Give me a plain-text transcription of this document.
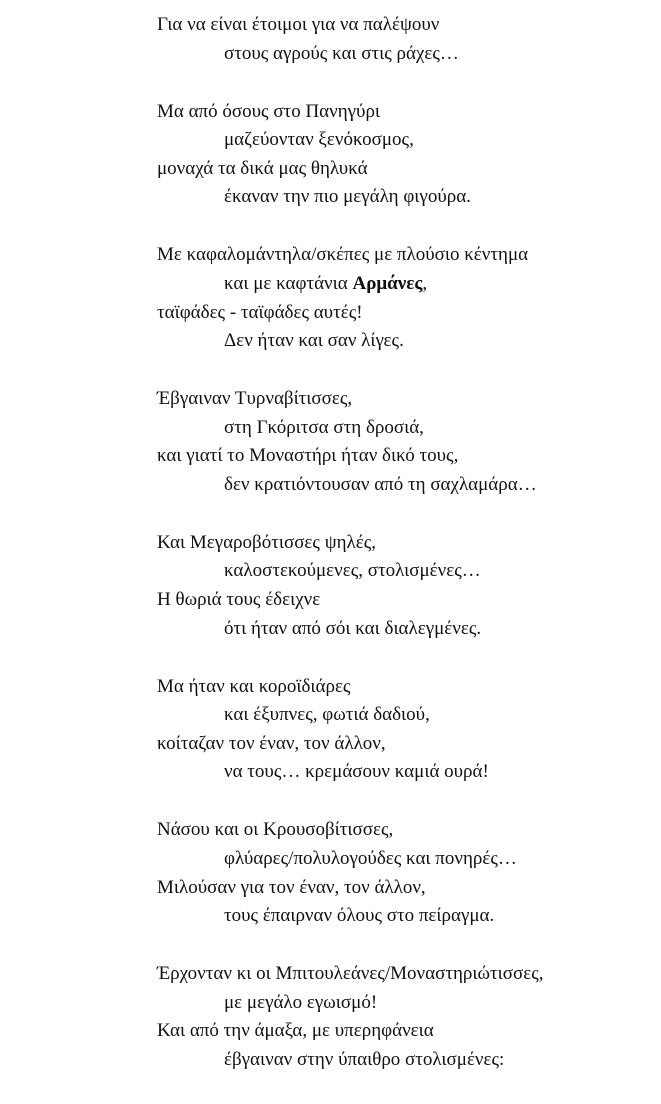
Για να είναι έτοιμοι για να παλέψουν
στους αγρούς και στις ράχες…
Μα από όσους στο Πανηγύρι
μαζεύονταν ξενόκοσμος,
μοναχά τα δικά μας θηλυκά
έκαναν την πιο μεγάλη φιγούρα.
Με καφαλομάντηλα/σκέπες με πλούσιο κέντημα
και με καφτάνια Αρμάνες,
ταϊφάδες - ταϊφάδες αυτές!
Δεν ήταν και σαν λίγες.
Έβγαιναν Τυρναβίτισσες,
στη Γκόριτσα στη δροσιά,
και γιατί το Μοναστήρι ήταν δικό τους,
δεν κρατιόντουσαν από τη σαχλαμάρα…
Και Μεγαροβότισσες ψηλές,
καλοστεκούμενες, στολισμένες…
Η θωριά τους έδειχνε
ότι ήταν από σόι και διαλεγμένες.
Μα ήταν και κοροϊδιάρες
και έξυπνες, φωτιά δαδιού,
κοίταζαν τον έναν, τον άλλον,
να τους… κρεμάσουν καμιά ουρά!
Νάσου και οι Κρουσοβίτισσες,
φλύαρες/πολυλογούδες και πονηρές…
Μιλούσαν για τον έναν, τον άλλον,
τους έπαιρναν όλους στο πείραγμα.
Έρχονταν κι οι Μπιτουλεάνες/Μοναστηριώτισσες,
με μεγάλο εγωισμό!
Και από την άμαξα, με υπερηφάνεια
έβγαιναν στην ύπαιθρο στολισμένες:
